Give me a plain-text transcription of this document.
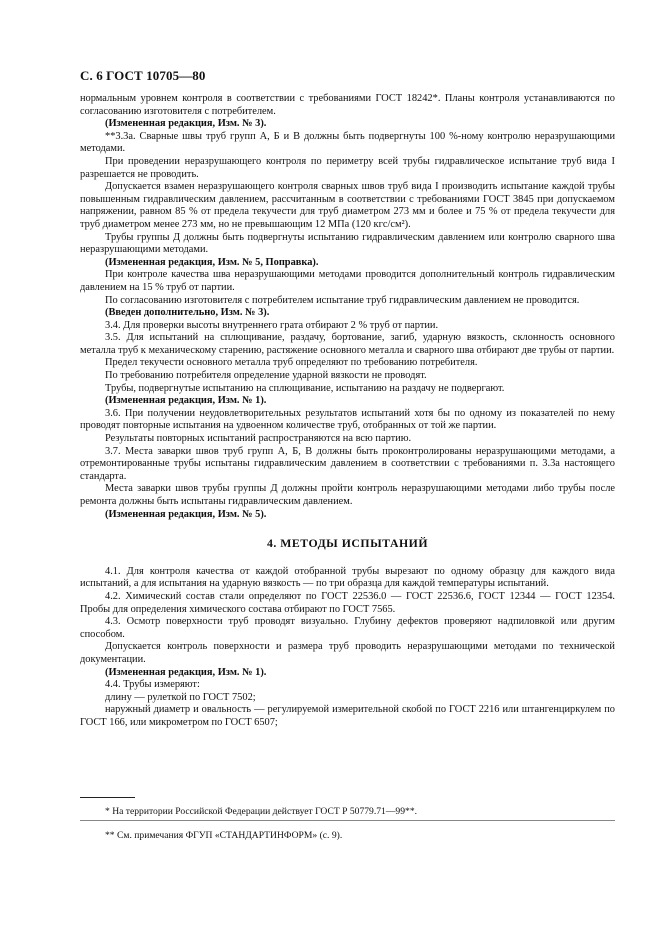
С. 6 ГОСТ 10705—80

нормальным уровнем контроля в соответствии с требованиями ГОСТ 18242*. Планы контроля устанавливаются по согласованию изготовителя с потребителем.

(Измененная редакция, Изм. № 3).

**3.3а. Сварные швы труб групп А, Б и В должны быть подвергнуты 100 %-ному контролю неразрушающими методами.

При проведении неразрушающего контроля по периметру всей трубы гидравлическое испытание труб вида I разрешается не проводить.

Допускается взамен неразрушающего контроля сварных швов труб вида I производить испытание каждой трубы повышенным гидравлическим давлением, рассчитанным в соответствии с требованиями ГОСТ 3845 при допускаемом напряжении, равном 85 % от предела текучести для труб диаметром 273 мм и более и 75 % от предела текучести для труб диаметром менее 273 мм, но не превышающим 12 МПа (120 кгс/см²).

Трубы группы Д должны быть подвергнуты испытанию гидравлическим давлением или контролю сварного шва неразрушающими методами.

(Измененная редакция, Изм. № 5, Поправка).

При контроле качества шва неразрушающими методами проводится дополнительный контроль гидравлическим давлением на 15 % труб от партии.

По согласованию изготовителя с потребителем испытание труб гидравлическим давлением не проводится.

(Введен дополнительно, Изм. № 3).

3.4. Для проверки высоты внутреннего грата отбирают 2 % труб от партии.

3.5. Для испытаний на сплющивание, раздачу, бортование, загиб, ударную вязкость, склонность основного металла труб к механическому старению, растяжение основного металла и сварного шва отбирают две трубы от партии.

Предел текучести основного металла труб определяют по требованию потребителя.

По требованию потребителя определение ударной вязкости не проводят.

Трубы, подвергнутые испытанию на сплющивание, испытанию на раздачу не подвергают.

(Измененная редакция, Изм. № 1).

3.6. При получении неудовлетворительных результатов испытаний хотя бы по одному из показателей по нему проводят повторные испытания на удвоенном количестве труб, отобранных от той же партии.

Результаты повторных испытаний распространяются на всю партию.

3.7. Места заварки швов труб групп А, Б, В должны быть проконтролированы неразрушающими методами, а отремонтированные трубы испытаны гидравлическим давлением в соответствии с требованиями п. 3.3а настоящего стандарта.

Места заварки швов трубы группы Д должны пройти контроль неразрушающими методами либо трубы после ремонта должны быть испытаны гидравлическим давлением.

(Измененная редакция, Изм. № 5).

4. МЕТОДЫ ИСПЫТАНИЙ

4.1. Для контроля качества от каждой отобранной трубы вырезают по одному образцу для каждого вида испытаний, а для испытания на ударную вязкость — по три образца для каждой температуры испытаний.

4.2. Химический состав стали определяют по ГОСТ 22536.0 — ГОСТ 22536.6, ГОСТ 12344 — ГОСТ 12354. Пробы для определения химического состава отбирают по ГОСТ 7565.

4.3. Осмотр поверхности труб проводят визуально. Глубину дефектов проверяют надпиловкой или другим способом.

Допускается контроль поверхности и размера труб проводить неразрушающими методами по технической документации.

(Измененная редакция, Изм. № 1).

4.4. Трубы измеряют:

длину — рулеткой по ГОСТ 7502;

наружный диаметр и овальность — регулируемой измерительной скобой по ГОСТ 2216 или штангенциркулем по ГОСТ 166, или микрометром по ГОСТ 6507;

* На территории Российской Федерации действует ГОСТ Р 50779.71—99**.
** См. примечания ФГУП «СТАНДАРТИНФОРМ» (с. 9).
